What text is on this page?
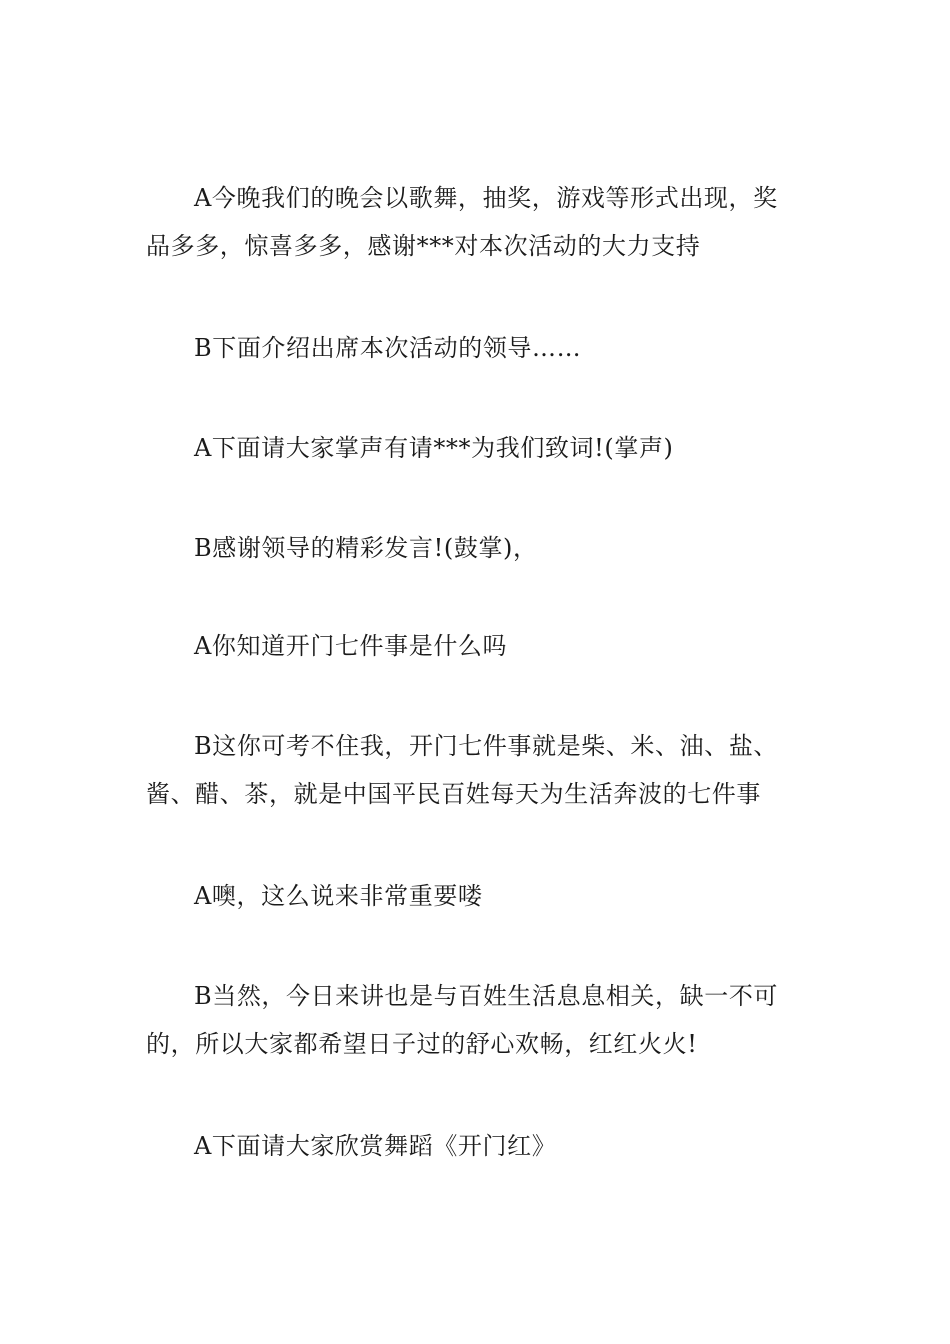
A今晚我们的晚会以歌舞，抽奖，游戏等形式出现，奖
品多多，惊喜多多，感谢***对本次活动的大力支持

B下面介绍出席本次活动的领导……

A下面请大家掌声有请***为我们致词!(掌声)

B感谢领导的精彩发言!(鼓掌)，

A你知道开门七件事是什么吗

B这你可考不住我，开门七件事就是柴、米、油、盐、
酱、醋、茶，就是中国平民百姓每天为生活奔波的七件事

A噢，这么说来非常重要喽

B当然，今日来讲也是与百姓生活息息相关，缺一不可
的，所以大家都希望日子过的舒心欢畅，红红火火!

A下面请大家欣赏舞蹈《开门红》
